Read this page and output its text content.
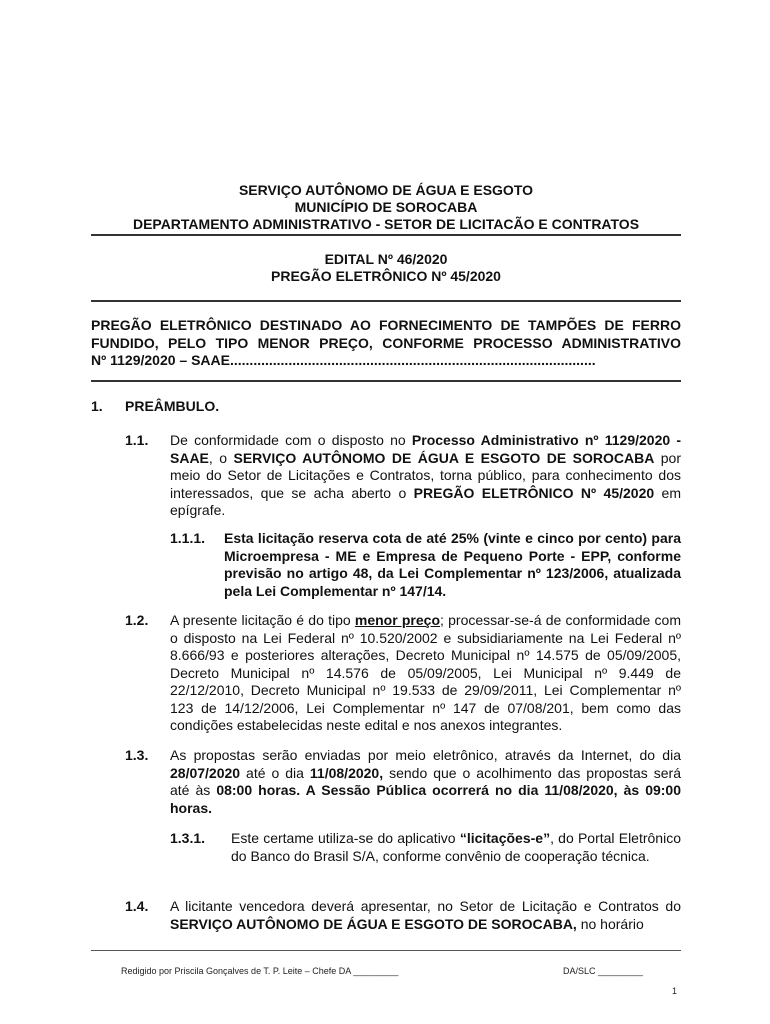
SERVIÇO AUTÔNOMO DE ÁGUA E ESGOTO
MUNICÍPIO DE SOROCABA
DEPARTAMENTO ADMINISTRATIVO - SETOR DE LICITACÃO E CONTRATOS
EDITAL Nº 46/2020
PREGÃO ELETRÔNICO Nº 45/2020
PREGÃO ELETRÔNICO DESTINADO AO FORNECIMENTO DE TAMPÕES DE FERRO
FUNDIDO, PELO TIPO MENOR PREÇO, CONFORME PROCESSO ADMINISTRATIVO
Nº 1129/2020 – SAAE..............................................................................................
1. PREÂMBULO.
1.1. De conformidade com o disposto no Processo Administrativo nº 1129/2020 - SAAE, o SERVIÇO AUTÔNOMO DE ÁGUA E ESGOTO DE SOROCABA por meio do Setor de Licitações e Contratos, torna público, para conhecimento dos interessados, que se acha aberto o PREGÃO ELETRÔNICO Nº 45/2020 em epígrafe.
1.1.1. Esta licitação reserva cota de até 25% (vinte e cinco por cento) para Microempresa - ME e Empresa de Pequeno Porte - EPP, conforme previsão no artigo 48, da Lei Complementar nº 123/2006, atualizada pela Lei Complementar nº 147/14.
1.2. A presente licitação é do tipo menor preço; processar-se-á de conformidade com o disposto na Lei Federal nº 10.520/2002 e subsidiariamente na Lei Federal nº 8.666/93 e posteriores alterações, Decreto Municipal nº 14.575 de 05/09/2005, Decreto Municipal nº 14.576 de 05/09/2005, Lei Municipal nº 9.449 de 22/12/2010, Decreto Municipal nº 19.533 de 29/09/2011, Lei Complementar nº 123 de 14/12/2006, Lei Complementar nº 147 de 07/08/201, bem como das condições estabelecidas neste edital e nos anexos integrantes.
1.3. As propostas serão enviadas por meio eletrônico, através da Internet, do dia 28/07/2020 até o dia 11/08/2020, sendo que o acolhimento das propostas será até às 08:00 horas. A Sessão Pública ocorrerá no dia 11/08/2020, às 09:00 horas.
1.3.1. Este certame utiliza-se do aplicativo “licitações-e”, do Portal Eletrônico do Banco do Brasil S/A, conforme convênio de cooperação técnica.
1.4. A licitante vencedora deverá apresentar, no Setor de Licitação e Contratos do SERVIÇO AUTÔNOMO DE ÁGUA E ESGOTO DE SOROCABA, no horário
Redigido por Priscila Gonçalves de T. P. Leite – Chefe DA _________	DA/SLC _________
1
